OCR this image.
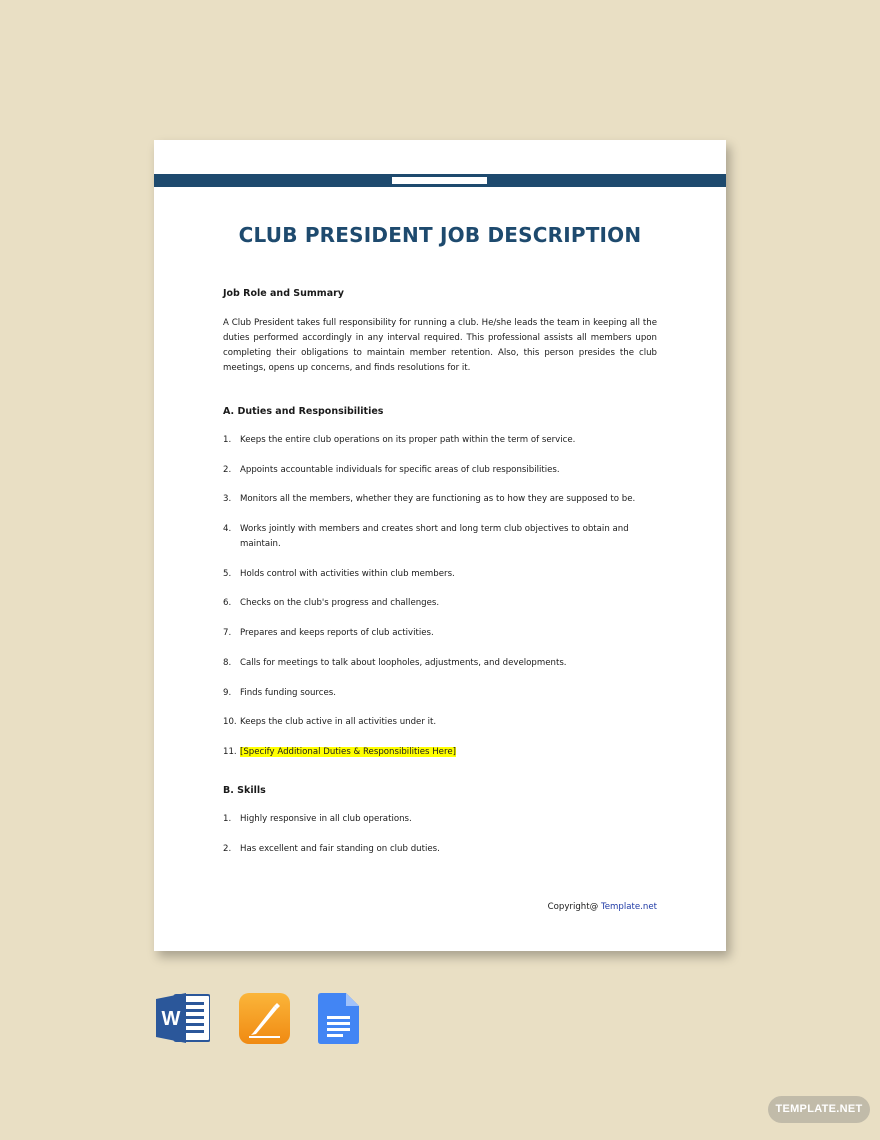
CLUB PRESIDENT JOB DESCRIPTION
Job Role and Summary
A Club President takes full responsibility for running a club. He/she leads the team in keeping all the duties performed accordingly in any interval required. This professional assists all members upon completing their obligations to maintain member retention. Also, this person presides the club meetings, opens up concerns, and finds resolutions for it.
A. Duties and Responsibilities
1.	Keeps the entire club operations on its proper path within the term of service.
2.	Appoints accountable individuals for specific areas of club responsibilities.
3.	Monitors all the members, whether they are functioning as to how they are supposed to be.
4.	Works jointly with members and creates short and long term club objectives to obtain and maintain.
5.	Holds control with activities within club members.
6.	Checks on the club's progress and challenges.
7.	Prepares and keeps reports of club activities.
8.	Calls for meetings to talk about loopholes, adjustments, and developments.
9.	Finds funding sources.
10. Keeps the club active in all activities under it.
11. [Specify Additional Duties & Responsibilities Here]
B. Skills
1.	Highly responsive in all club operations.
2.	Has excellent and fair standing on club duties.
Copyright@ Template.net
W
TEMPLATE.NET
